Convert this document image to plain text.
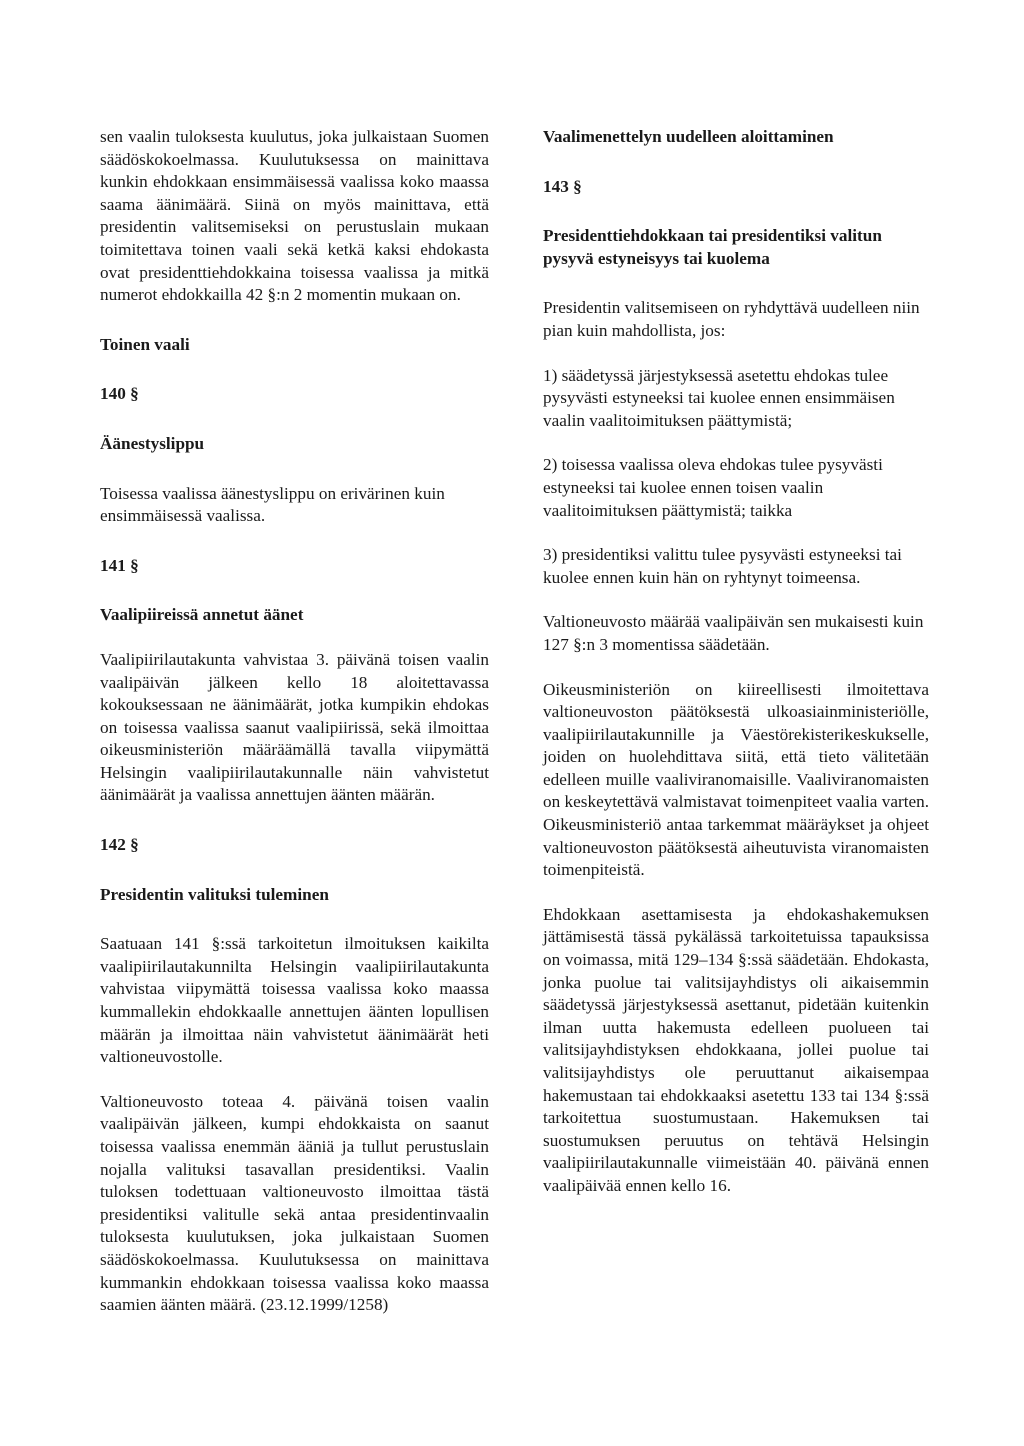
sen vaalin tuloksesta kuulutus, joka julkaistaan Suomen säädöskokoelmassa. Kuulutuksessa on mainittava kunkin ehdokkaan ensimmäisessä vaalissa koko maassa saama äänimäärä. Siinä on myös mainittava, että presidentin valitsemiseksi on perustuslain mukaan toimitettava toinen vaali sekä ketkä kaksi ehdokasta ovat presidenttiehdokkaina toisessa vaalissa ja mitkä numerot ehdokkailla 42 §:n 2 momentin mukaan on.

Toinen vaali
140 §
Äänestyslippu

Toisessa vaalissa äänestyslippu on erivärinen kuin ensimmäisessä vaalissa.

141 §
Vaalipiireissä annetut äänet

Vaalipiirilautakunta vahvistaa 3. päivänä toisen vaalin vaalipäivän jälkeen kello 18 aloitettavassa kokouksessaan ne äänimäärät, jotka kumpikin ehdokas on toisessa vaalissa saanut vaalipiirissä, sekä ilmoittaa oikeusministeriön määräämällä tavalla viipymättä Helsingin vaalipiirilautakunnalle näin vahvistetut äänimäärät ja vaalissa annettujen äänten määrän.

142 §
Presidentin valituksi tuleminen

Saatuaan 141 §:ssä tarkoitetun ilmoituksen kaikilta vaalipiirilautakunnilta Helsingin vaalipiirilautakunta vahvistaa viipymättä toisessa vaalissa koko maassa kummallekin ehdokkaalle annettujen äänten lopullisen määrän ja ilmoittaa näin vahvistetut äänimäärät heti valtioneuvostolle.

Valtioneuvosto toteaa 4. päivänä toisen vaalin vaalipäivän jälkeen, kumpi ehdokkaista on saanut toisessa vaalissa enemmän ääniä ja tullut perustuslain nojalla valituksi tasavallan presidentiksi. Vaalin tuloksen todettuaan valtioneuvosto ilmoittaa tästä presidentiksi valitulle sekä antaa presidentinvaalin tuloksesta kuulutuksen, joka julkaistaan Suomen säädöskokoelmassa. Kuulutuksessa on mainittava kummankin ehdokkaan toisessa vaalissa koko maassa saamien äänten määrä. (23.12.1999/1258)

Vaalimenettelyn uudelleen aloittaminen
143 §
Presidenttiehdokkaan tai presidentiksi valitun pysyvä estyneisyys tai kuolema

Presidentin valitsemiseen on ryhdyttävä uudelleen niin pian kuin mahdollista, jos:

1) säädetyssä järjestyksessä asetettu ehdokas tulee pysyvästi estyneeksi tai kuolee ennen ensimmäisen vaalin vaalitoimituksen päättymistä;

2) toisessa vaalissa oleva ehdokas tulee pysyvästi estyneeksi tai kuolee ennen toisen vaalin vaalitoimituksen päättymistä; taikka

3) presidentiksi valittu tulee pysyvästi estyneeksi tai kuolee ennen kuin hän on ryhtynyt toimeensa.

Valtioneuvosto määrää vaalipäivän sen mukaisesti kuin 127 §:n 3 momentissa säädetään.

Oikeusministeriön on kiireellisesti ilmoitettava valtioneuvoston päätöksestä ulkoasiainministeriölle, vaalipiirilautakunnille ja Väestörekisterikeskukselle, joiden on huolehdittava siitä, että tieto välitetään edelleen muille vaaliviranomaisille. Vaaliviranomaisten on keskeytettävä valmistavat toimenpiteet vaalia varten. Oikeusministeriö antaa tarkemmat määräykset ja ohjeet valtioneuvoston päätöksestä aiheutuvista viranomaisten toimenpiteistä.

Ehdokkaan asettamisesta ja ehdokashakemuksen jättämisestä tässä pykälässä tarkoitetuissa tapauksissa on voimassa, mitä 129–134 §:ssä säädetään. Ehdokasta, jonka puolue tai valitsijayhdistys oli aikaisemmin säädetyssä järjestyksessä asettanut, pidetään kuitenkin ilman uutta hakemusta edelleen puolueen tai valitsijayhdistyksen ehdokkaana, jollei puolue tai valitsijayhdistys ole peruuttanut aikaisempaa hakemustaan tai ehdokkaaksi asetettu 133 tai 134 §:ssä tarkoitettua suostumustaan. Hakemuksen tai suostumuksen peruutus on tehtävä Helsingin vaalipiirilautakunnalle viimeistään 40. päivänä ennen vaalipäivää ennen kello 16.
